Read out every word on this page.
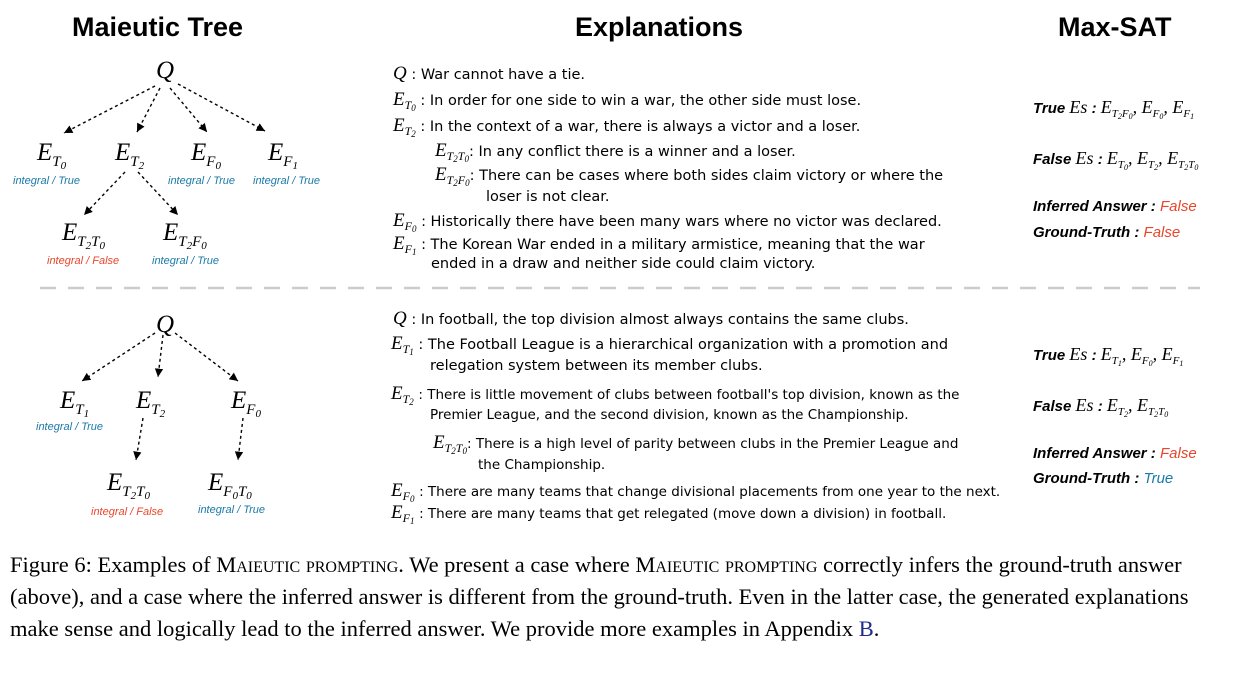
Maieutic Tree	Explanations	Max-SAT
Q
$E_{T_0}$ $E_{T_2}$ $E_{F_0}$ $E_{F_1}$
integral / True	integral / True integral / True
$E_{T_2T_0}$ $E_{T_2F_0}$
integral / False	integral / True
Q : War cannot have a tie.
$E_{T_0}$ : In order for one side to win a war, the other side must lose.
$E_{T_2}$ : In the context of a war, there is always a victor and a loser.
$E_{T_2T_0}$: In any conflict there is a winner and a loser.
$E_{T_2F_0}$: There can be cases where both sides claim victory or where the
loser is not clear.
$E_{F_0}$ : Historically there have been many wars where no victor was declared.
$E_{F_1}$ : The Korean War ended in a military armistice, meaning that the war
ended in a draw and neither side could claim victory.
True Es : $E_{T_2F_0}$, $E_{F_0}$, $E_{F_1}$
False Es : $E_{T_0}$, $E_{T_2}$, $E_{T_2T_0}$
Inferred Answer : False
Ground-Truth : False
Q
$E_{T_1}$ $E_{T_2}$	$E_{F_0}$
integral / True
$E_{T_2T_0}$ $E_{F_0T_0}$
integral / False	integral / True
Q : In football, the top division almost always contains the same clubs.
$E_{T_1}$ : The Football League is a hierarchical organization with a promotion and
relegation system between its member clubs.
$E_{T_2}$ : There is little movement of clubs between football's top division, known as the
Premier League, and the second division, known as the Championship.
$E_{T_2T_0}$: There is a high level of parity between clubs in the Premier League and
the Championship.
$E_{F_0}$ : There are many teams that change divisional placements from one year to the next.
$E_{F_1}$ : There are many teams that get relegated (move down a division) in football.
True Es : $E_{T_1}$, $E_{F_0}$, $E_{F_1}$
False Es : $E_{T_2}$, $E_{T_2T_0}$
Inferred Answer : False
Ground-Truth : True
Figure 6: Examples of Maieutic prompting. We present a case where Maieutic prompting correctly infers the ground-truth answer (above), and a case where the inferred answer is different from the ground-truth. Even in the latter case, the generated explanations make sense and logically lead to the inferred answer. We provide more examples in Appendix B.
